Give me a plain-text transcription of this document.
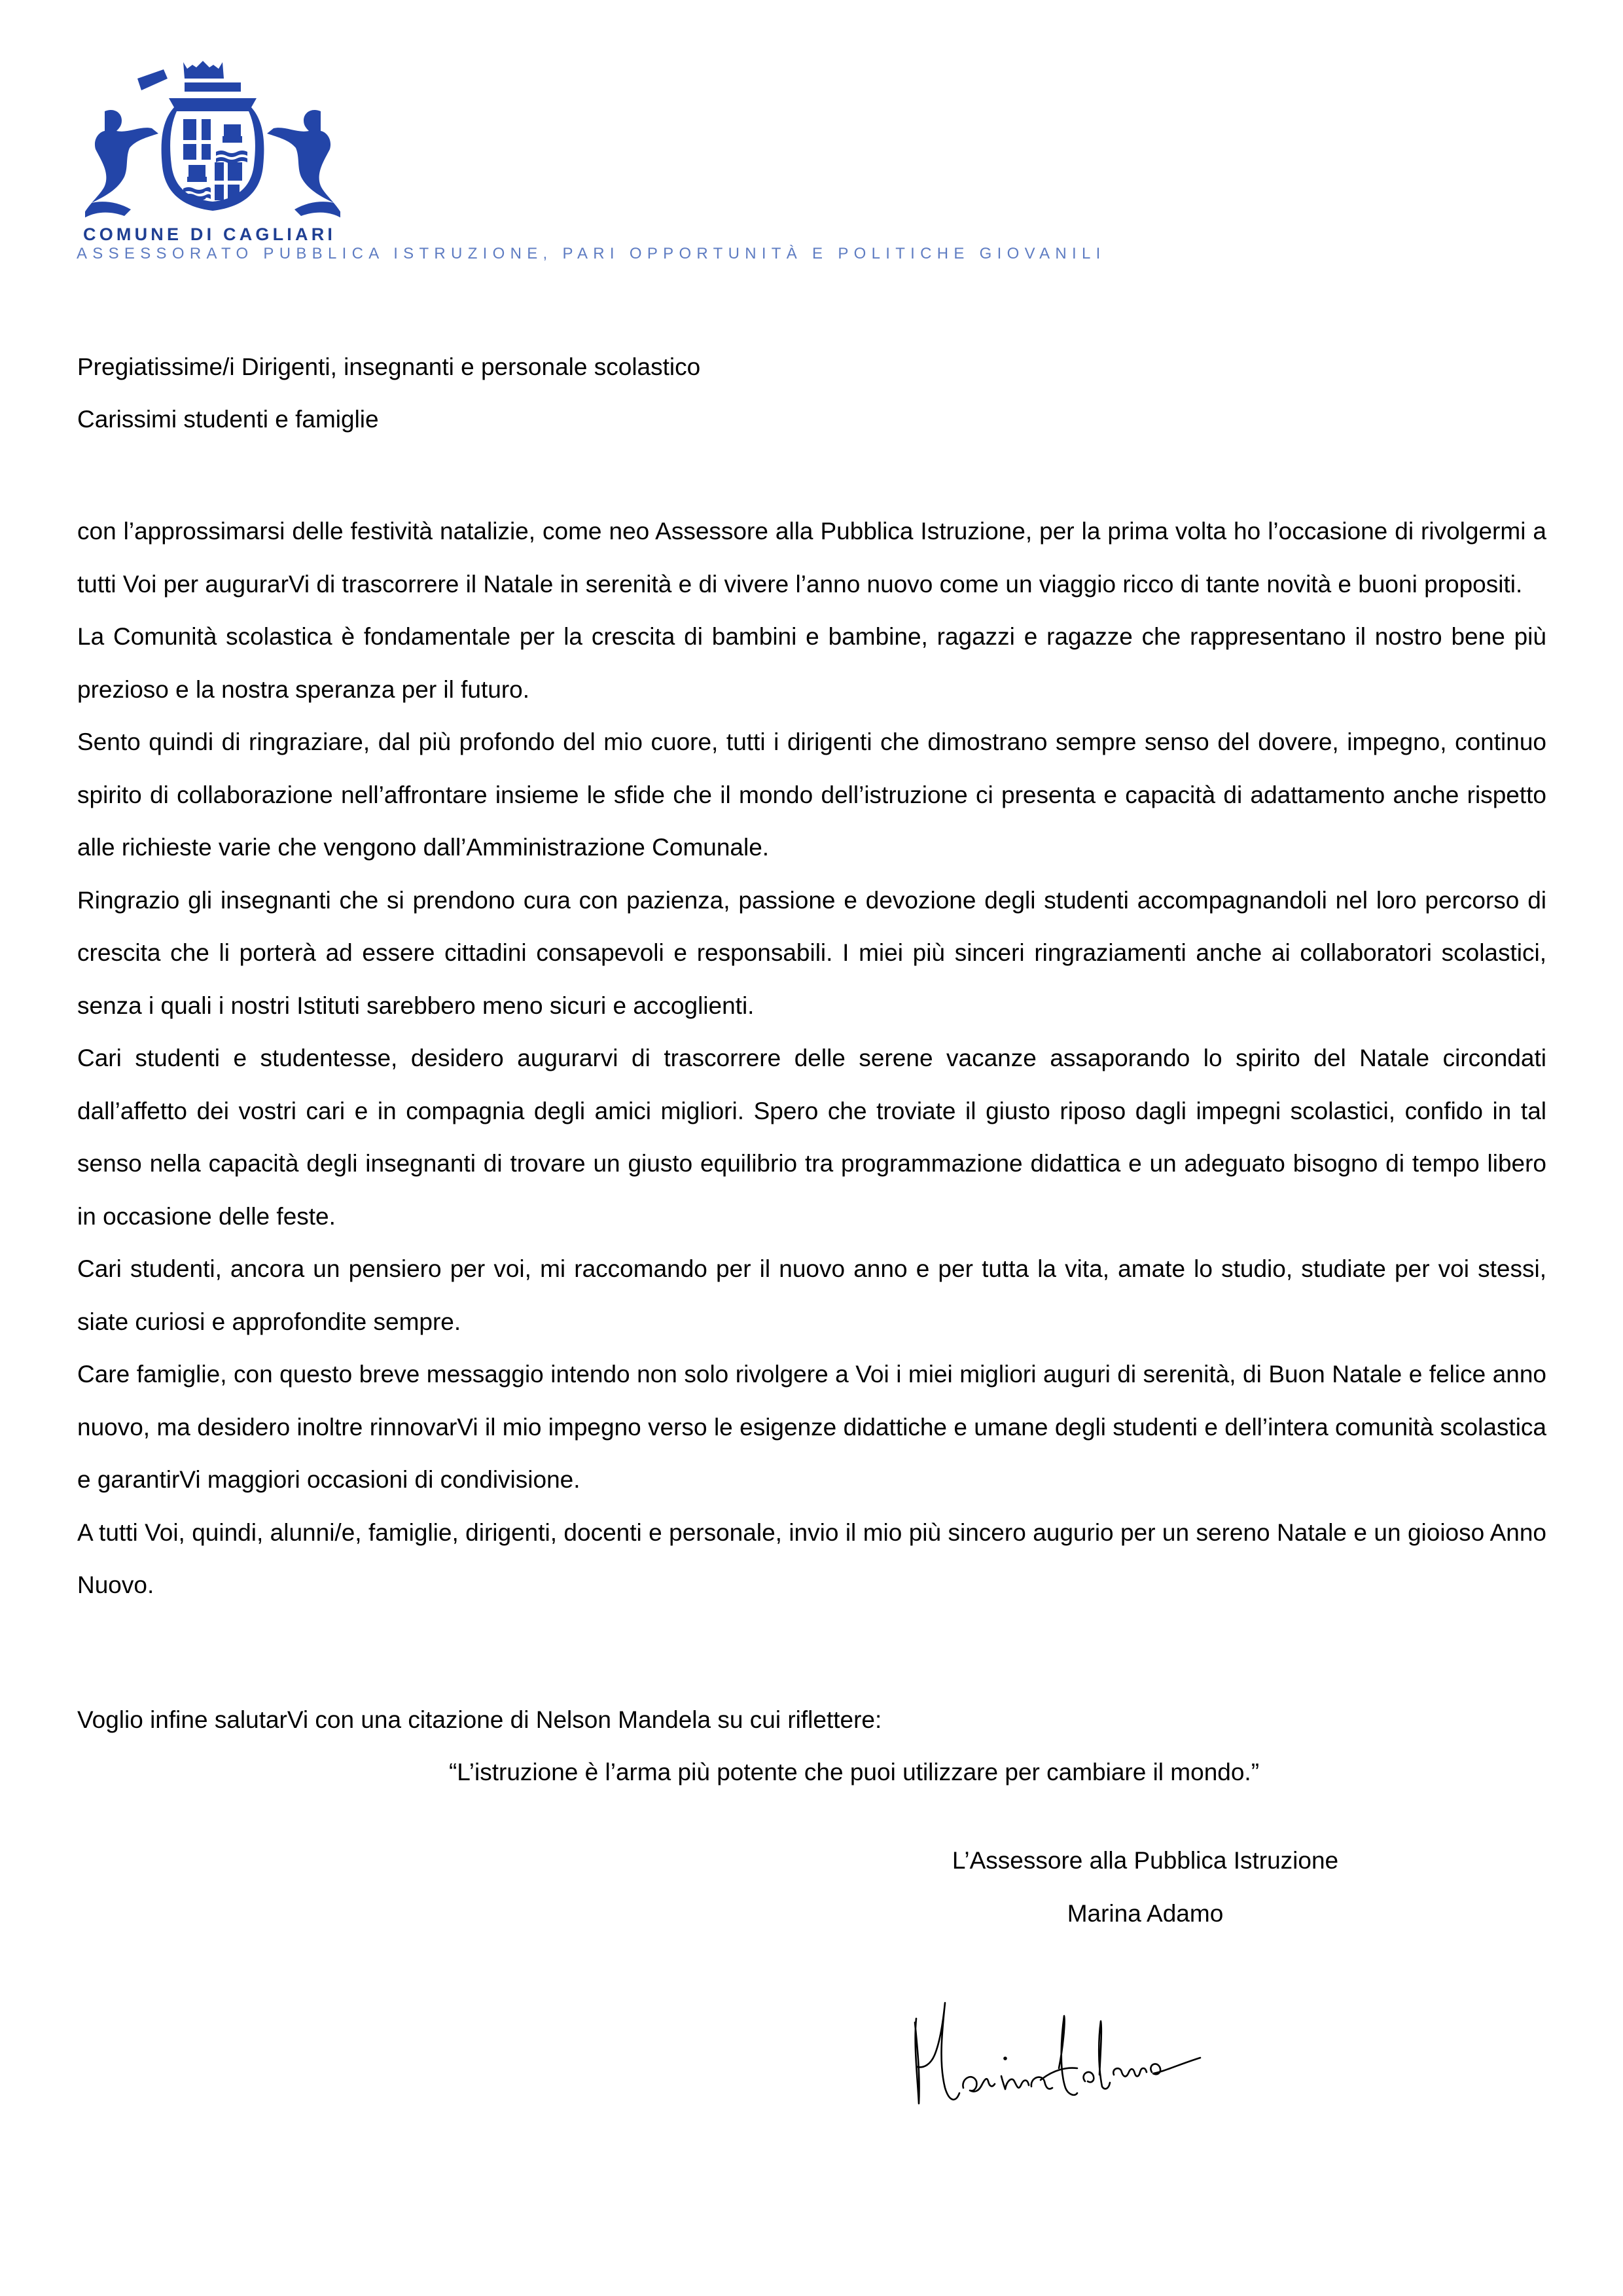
COMUNE DI CAGLIARI
ASSESSORATO PUBBLICA ISTRUZIONE, PARI OPPORTUNITÀ E POLITICHE GIOVANILI
Pregiatissime/i Dirigenti, insegnanti e personale scolastico
Carissimi studenti e famiglie

con l’approssimarsi delle festività natalizie, come neo Assessore alla Pubblica Istruzione, per la prima volta ho l’occasione di rivolgermi a tutti Voi per augurarVi di trascorrere il Natale in serenità e di vivere l’anno nuovo come un viaggio ricco di tante novità e buoni propositi.

La Comunità scolastica è fondamentale per la crescita di bambini e bambine, ragazzi e ragazze che rappresentano il nostro bene più prezioso e la nostra speranza per il futuro.

Sento quindi di ringraziare, dal più profondo del mio cuore, tutti i dirigenti che dimostrano sempre senso del dovere, impegno, continuo spirito di collaborazione nell’affrontare insieme le sfide che il mondo dell’istruzione ci presenta e capacità di adattamento anche rispetto alle richieste varie che vengono dall’Amministrazione Comunale.

Ringrazio gli insegnanti che si prendono cura con pazienza, passione e devozione degli studenti accompagnandoli nel loro percorso di crescita che li porterà ad essere cittadini consapevoli e responsabili. I miei più sinceri ringraziamenti anche ai collaboratori scolastici, senza i quali i nostri Istituti sarebbero meno sicuri e accoglienti.

Cari studenti e studentesse, desidero augurarvi di trascorrere delle serene vacanze assaporando lo spirito del Natale circondati dall’affetto dei vostri cari e in compagnia degli amici migliori. Spero che troviate il giusto riposo dagli impegni scolastici, confido in tal senso nella capacità degli insegnanti di trovare un giusto equilibrio tra programmazione didattica e un adeguato bisogno di tempo libero in occasione delle feste.

Cari studenti, ancora un pensiero per voi, mi raccomando per il nuovo anno e per tutta la vita, amate lo studio, studiate per voi stessi, siate curiosi e approfondite sempre.

Care famiglie, con questo breve messaggio intendo non solo rivolgere a Voi i miei migliori auguri di serenità, di Buon Natale e felice anno nuovo, ma desidero inoltre rinnovarVi il mio impegno verso le esigenze didattiche e umane degli studenti e dell’intera comunità scolastica e garantirVi maggiori occasioni di condivisione.

A tutti Voi, quindi, alunni/e, famiglie, dirigenti, docenti e personale, invio il mio più sincero augurio per un sereno Natale e un gioioso Anno Nuovo.

Voglio infine salutarVi con una citazione di Nelson Mandela su cui riflettere:
“L’istruzione è l’arma più potente che puoi utilizzare per cambiare il mondo.”
L’Assessore alla Pubblica Istruzione
Marina Adamo
